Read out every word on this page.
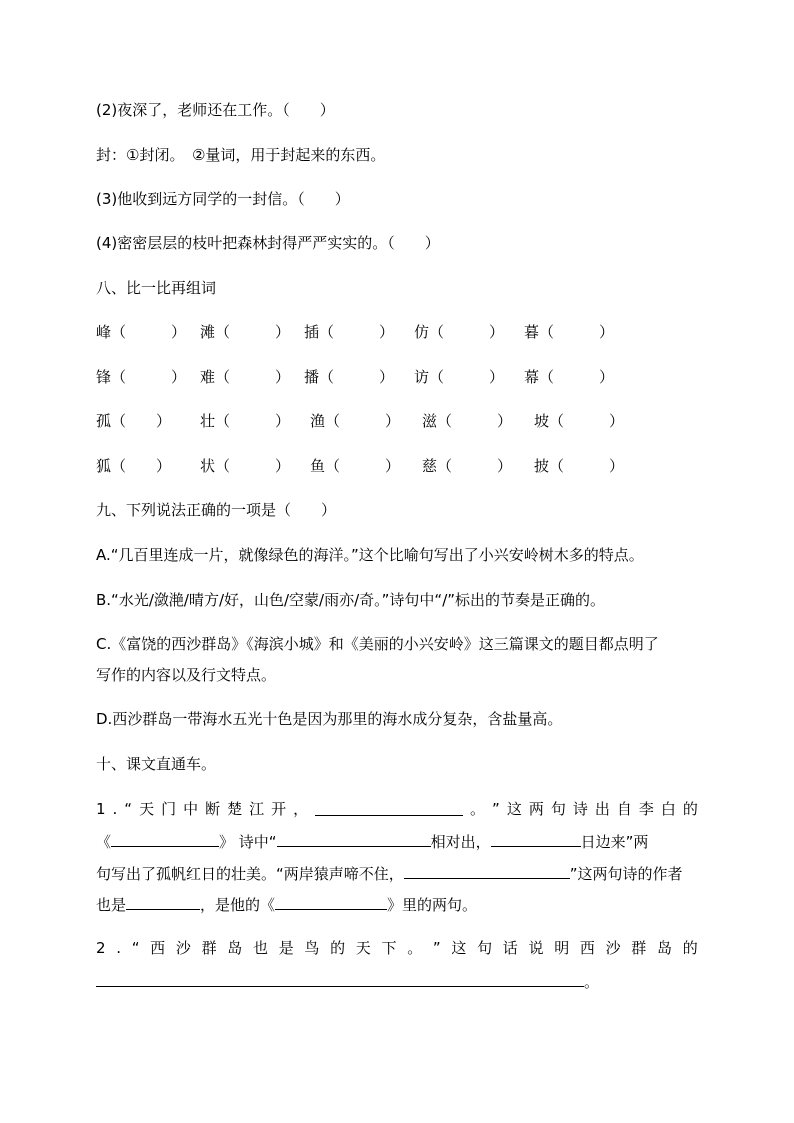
(2)夜深了，老师还在工作。（　　）
封：①封闭。　②量词，用于封起来的东西。
(3)他收到远方同学的一封信。（　　）
(4)密密层层的枝叶把森林封得严严实实的。（　　）
八、比一比再组词
峰（　　　） 滩（　　　） 插（　　　） 仿（　　　） 暮（　　　）
锋（　　　） 难（　　　） 播（　　　） 访（　　　） 幕（　　　）
孤（　　） 壮（　　　） 渔（　　　） 滋（　　　） 坡（　　　）
狐（　　） 状（　　　） 鱼（　　　） 慈（　　　） 披（　　　）
九、下列说法正确的一项是（　　）
A.“几百里连成一片，就像绿色的海洋。”这个比喻句写出了小兴安岭树木多的特点。
B.“水光/潋滟/晴方/好，山色/空蒙/雨亦/奇。”诗句中“/”标出的节奏是正确的。
C.《富饶的西沙群岛》《海滨小城》和《美丽的小兴安岭》这三篇课文的题目都点明了
写作的内容以及行文特点。
D.西沙群岛一带海水五光十色是因为那里的海水成分复杂，含盐量高。
十、课文直通车。
1 . “ 天 门 中 断 楚 江 开 ，	。 ” 这 两 句 诗 出 自 李 白 的
《	》 诗中“	相对出，	日边来”两
句写出了孤帆红日的壮美。“两岸猿声啼不住，	”这两句诗的作者
也是	，是他的《	》里的两句。
2 . “ 西 沙 群 岛 也 是 鸟 的 天 下 。 ” 这 句 话 说 明 西 沙 群 岛 的
。
